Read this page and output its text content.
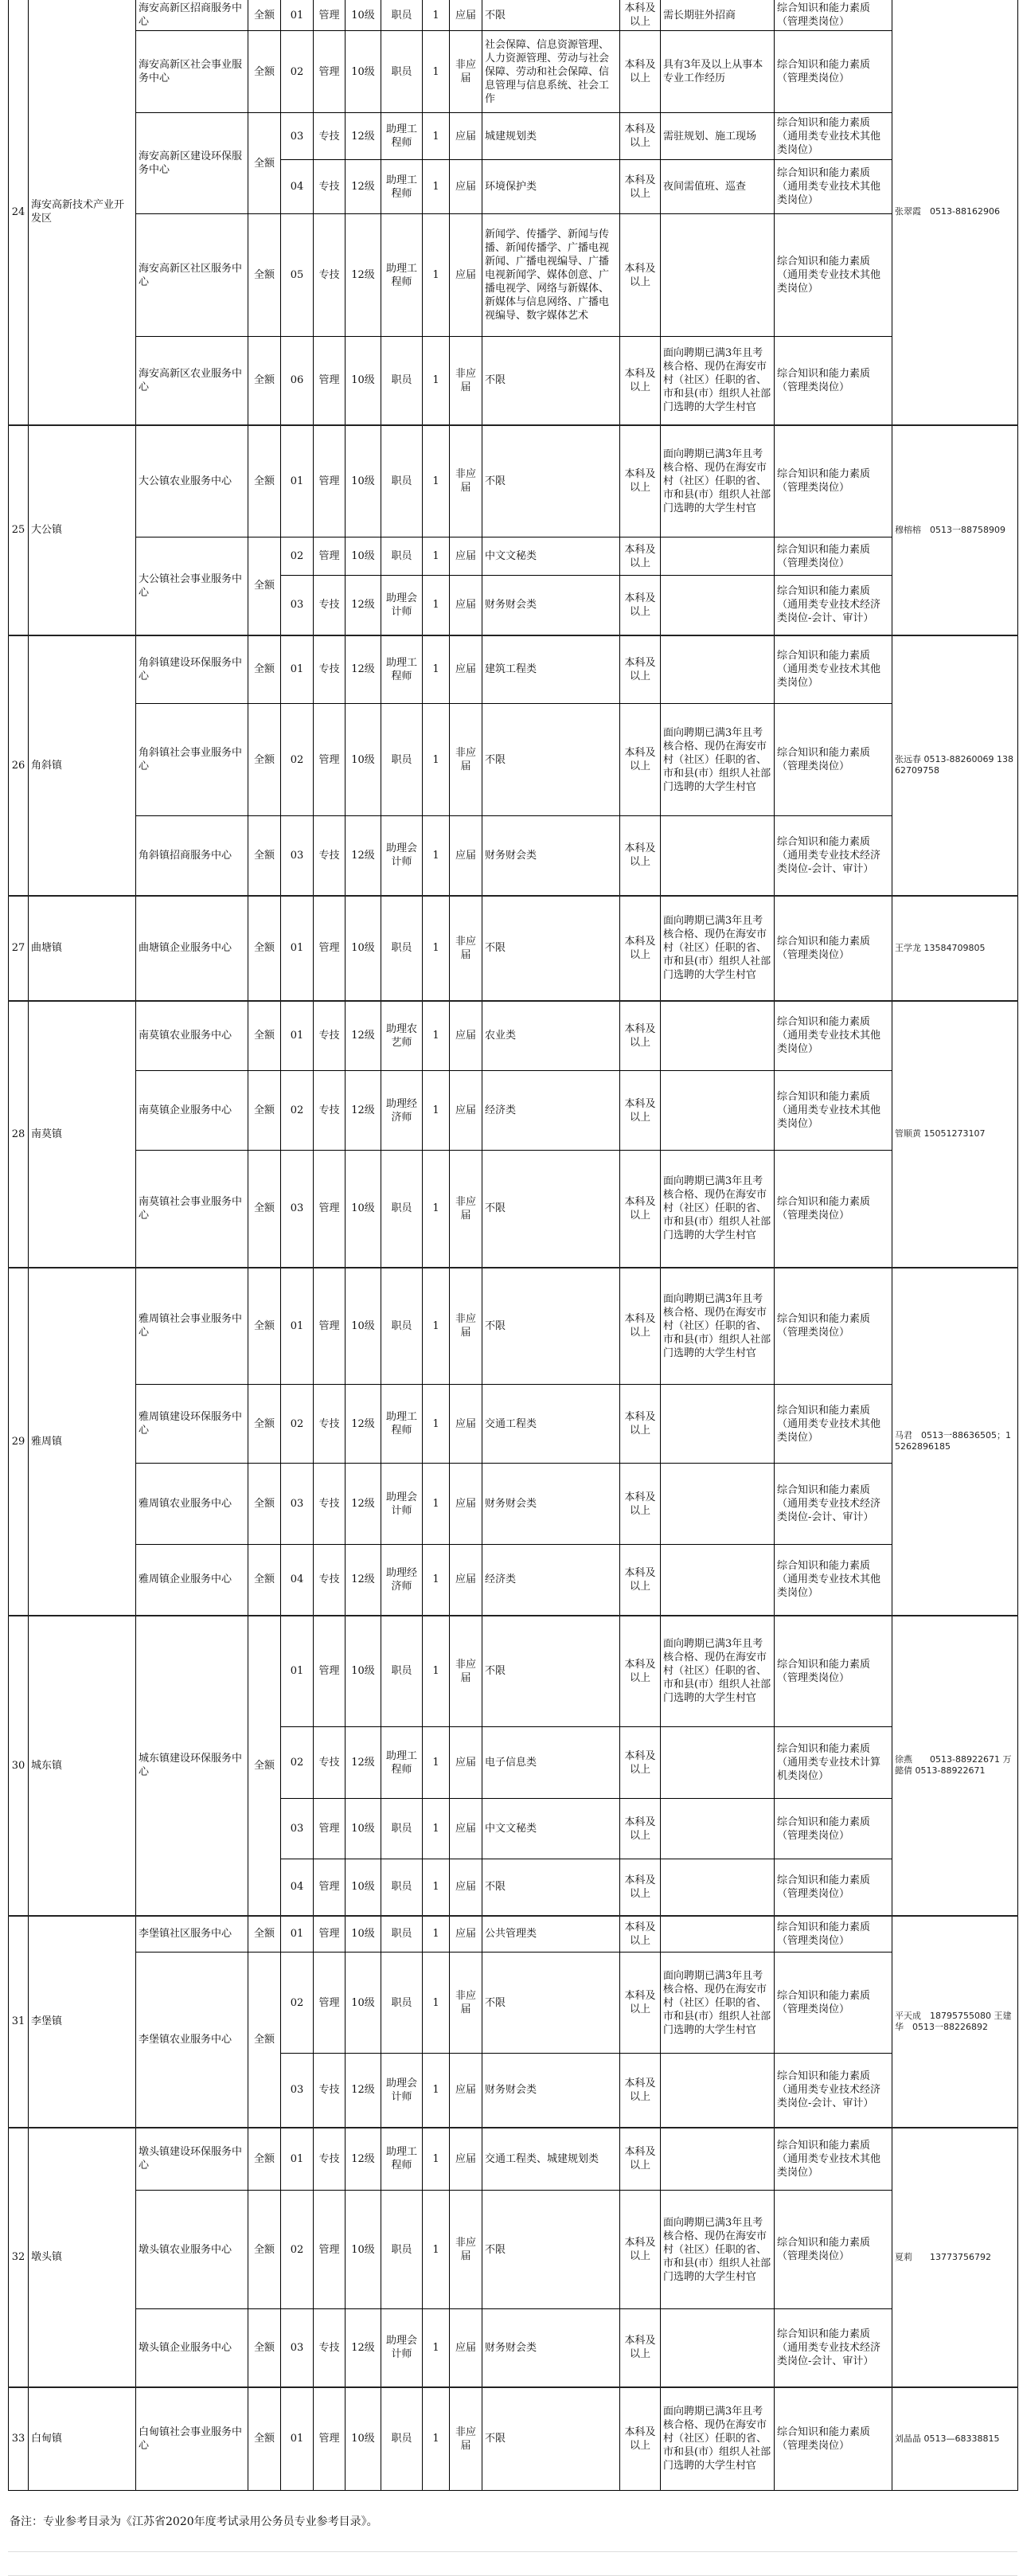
24	海安高新技术产业开发区	海安高新区招商服务中心	全额	01	管理	10级	职员	1	应届	不限	本科及以上	需长期驻外招商	综合知识和能力素质（管理类岗位）	张翠霞　0513-88162906
		海安高新区社会事业服务中心	全额	02	管理	10级	职员	1	非应届	社会保障、信息资源管理、人力资源管理、劳动与社会保障、劳动和社会保障、信息管理与信息系统、社会工作	本科及以上	具有3年及以上从事本专业工作经历	综合知识和能力素质（管理类岗位）	
		海安高新区建设环保服务中心	全额	03	专技	12级	助理工程师	1	应届	城建规划类	本科及以上	需驻规划、施工现场	综合知识和能力素质（通用类专业技术其他类岗位）	
				04	专技	12级	助理工程师	1	应届	环境保护类	本科及以上	夜间需值班、巡查	综合知识和能力素质（通用类专业技术其他类岗位）	
		海安高新区社区服务中心	全额	05	专技	12级	助理工程师	1	应届	新闻学、传播学、新闻与传播、新闻传播学、广播电视新闻、广播电视编导、广播电视新闻学、媒体创意、广播电视学、网络与新媒体、新媒体与信息网络、广播电视编导、数字媒体艺术	本科及以上		综合知识和能力素质（通用类专业技术其他类岗位）	
		海安高新区农业服务中心	全额	06	管理	10级	职员	1	非应届	不限	本科及以上	面向聘期已满3年且考核合格、现仍在海安市村（社区）任职的省、市和县(市）组织人社部门选聘的大学生村官	综合知识和能力素质（管理类岗位）	
25	大公镇	大公镇农业服务中心	全额	01	管理	10级	职员	1	非应届	不限	本科及以上	面向聘期已满3年且考核合格、现仍在海安市村（社区）任职的省、市和县(市）组织人社部门选聘的大学生村官	综合知识和能力素质（管理类岗位）	穆榕榕　0513一88758909
		大公镇社会事业服务中心	全额	02	管理	10级	职员	1	应届	中文文秘类	本科及以上		综合知识和能力素质（管理类岗位）	
				03	专技	12级	助理会计师	1	应届	财务财会类	本科及以上		综合知识和能力素质（通用类专业技术经济类岗位-会计、审计）	
26	角斜镇	角斜镇建设环保服务中心	全额	01	专技	12级	助理工程师	1	应届	建筑工程类	本科及以上		综合知识和能力素质（通用类专业技术其他类岗位）	张远春 0513-88260069 13862709758
		角斜镇社会事业服务中心	全额	02	管理	10级	职员	1	非应届	不限	本科及以上	面向聘期已满3年且考核合格、现仍在海安市村（社区）任职的省、市和县(市）组织人社部门选聘的大学生村官	综合知识和能力素质（管理类岗位）	
		角斜镇招商服务中心	全额	03	专技	12级	助理会计师	1	应届	财务财会类	本科及以上		综合知识和能力素质（通用类专业技术经济类岗位-会计、审计）	
27	曲塘镇	曲塘镇企业服务中心	全额	01	管理	10级	职员	1	非应届	不限	本科及以上	面向聘期已满3年且考核合格、现仍在海安市村（社区）任职的省、市和县(市）组织人社部门选聘的大学生村官	综合知识和能力素质（管理类岗位）	王学龙 13584709805
28	南莫镇	南莫镇农业服务中心	全额	01	专技	12级	助理农艺师	1	应届	农业类	本科及以上		综合知识和能力素质（通用类专业技术其他类岗位）	管顺黄 15051273107
		南莫镇企业服务中心	全额	02	专技	12级	助理经济师	1	应届	经济类	本科及以上		综合知识和能力素质（通用类专业技术其他类岗位）	
		南莫镇社会事业服务中心	全额	03	管理	10级	职员	1	非应届	不限	本科及以上	面向聘期已满3年且考核合格、现仍在海安市村（社区）任职的省、市和县(市）组织人社部门选聘的大学生村官	综合知识和能力素质（管理类岗位）	
29	雅周镇	雅周镇社会事业服务中心	全额	01	管理	10级	职员	1	非应届	不限	本科及以上	面向聘期已满3年且考核合格、现仍在海安市村（社区）任职的省、市和县(市）组织人社部门选聘的大学生村官	综合知识和能力素质（管理类岗位）	马君　0513一88636505；15262896185
		雅周镇建设环保服务中心	全额	02	专技	12级	助理工程师	1	应届	交通工程类	本科及以上		综合知识和能力素质（通用类专业技术其他类岗位）	
		雅周镇农业服务中心	全额	03	专技	12级	助理会计师	1	应届	财务财会类	本科及以上		综合知识和能力素质（通用类专业技术经济类岗位-会计、审计）	
		雅周镇企业服务中心	全额	04	专技	12级	助理经济师	1	应届	经济类	本科及以上		综合知识和能力素质（通用类专业技术其他类岗位）	
30	城东镇	城东镇建设环保服务中心	全额	01	管理	10级	职员	1	非应届	不限	本科及以上	面向聘期已满3年且考核合格、现仍在海安市村（社区）任职的省、市和县(市）组织人社部门选聘的大学生村官	综合知识和能力素质（管理类岗位）	徐燕　　0513-88922671 万懿倩 0513-88922671
				02	专技	12级	助理工程师	1	应届	电子信息类	本科及以上		综合知识和能力素质（通用类专业技术计算机类岗位）	
				03	管理	10级	职员	1	应届	中文文秘类	本科及以上		综合知识和能力素质（管理类岗位）	
				04	管理	10级	职员	1	应届	不限	本科及以上		综合知识和能力素质（管理类岗位）	
31	李堡镇	李堡镇社区服务中心	全额	01	管理	10级	职员	1	应届	公共管理类	本科及以上		综合知识和能力素质（管理类岗位）	平天成　18795755080 王建华　0513一88226892
		李堡镇农业服务中心	全额	02	管理	10级	职员	1	非应届	不限	本科及以上	面向聘期已满3年且考核合格、现仍在海安市村（社区）任职的省、市和县(市）组织人社部门选聘的大学生村官	综合知识和能力素质（管理类岗位）	
				03	专技	12级	助理会计师	1	应届	财务财会类	本科及以上		综合知识和能力素质（通用类专业技术经济类岗位-会计、审计）	
32	墩头镇	墩头镇建设环保服务中心	全额	01	专技	12级	助理工程师	1	应届	交通工程类、城建规划类	本科及以上		综合知识和能力素质（通用类专业技术其他类岗位）	夏莉　　13773756792
		墩头镇农业服务中心	全额	02	管理	10级	职员	1	非应届	不限	本科及以上	面向聘期已满3年且考核合格、现仍在海安市村（社区）任职的省、市和县(市）组织人社部门选聘的大学生村官	综合知识和能力素质（管理类岗位）	
		墩头镇企业服务中心	全额	03	专技	12级	助理会计师	1	应届	财务财会类	本科及以上		综合知识和能力素质（通用类专业技术经济类岗位-会计、审计）	
33	白甸镇	白甸镇社会事业服务中心	全额	01	管理	10级	职员	1	非应届	不限	本科及以上	面向聘期已满3年且考核合格、现仍在海安市村（社区）任职的省、市和县(市）组织人社部门选聘的大学生村官	综合知识和能力素质（管理类岗位）	刘晶晶 0513—68338815
备注：专业参考目录为《江苏省2020年度考试录用公务员专业参考目录》。
